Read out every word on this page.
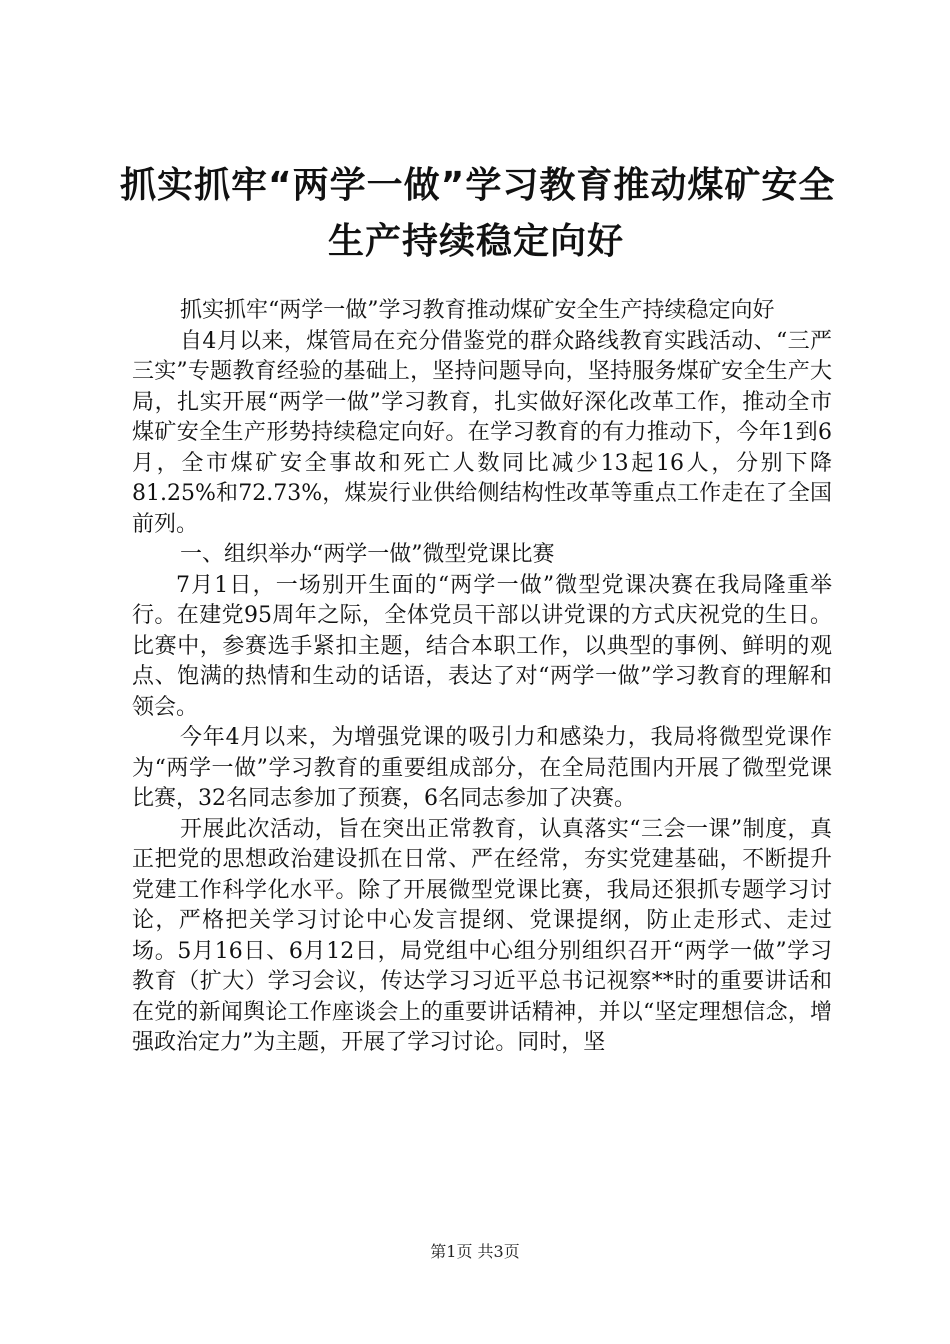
抓实抓牢“两学一做”学习教育推动煤矿安全
生产持续稳定向好

抓实抓牢“两学一做”学习教育推动煤矿安全生产持续稳定向好

自4月以来，煤管局在充分借鉴党的群众路线教育实践活动、“三严三实”专题教育经验的基础上，坚持问题导向，坚持服务煤矿安全生产大局，扎实开展“两学一做”学习教育，扎实做好深化改革工作，推动全市煤矿安全生产形势持续稳定向好。在学习教育的有力推动下，今年1到6月，全市煤矿安全事故和死亡人数同比减少13起16人，分别下降81.25%和72.73%，煤炭行业供给侧结构性改革等重点工作走在了全国前列。

一、组织举办“两学一做”微型党课比赛

7月1日，一场别开生面的“两学一做”微型党课决赛在我局隆重举行。在建党95周年之际，全体党员干部以讲党课的方式庆祝党的生日。比赛中，参赛选手紧扣主题，结合本职工作，以典型的事例、鲜明的观点、饱满的热情和生动的话语，表达了对“两学一做”学习教育的理解和领会。

今年4月以来，为增强党课的吸引力和感染力，我局将微型党课作为“两学一做”学习教育的重要组成部分，在全局范围内开展了微型党课比赛，32名同志参加了预赛，6名同志参加了决赛。

开展此次活动，旨在突出正常教育，认真落实“三会一课”制度，真正把党的思想政治建设抓在日常、严在经常，夯实党建基础，不断提升党建工作科学化水平。除了开展微型党课比赛，我局还狠抓专题学习讨论，严格把关学习讨论中心发言提纲、党课提纲，防止走形式、走过场。5月16日、6月12日，局党组中心组分别组织召开“两学一做”学习教育（扩大）学习会议，传达学习习近平总书记视察**时的重要讲话和在党的新闻舆论工作座谈会上的重要讲话精神，并以“坚定理想信念，增强政治定力”为主题，开展了学习讨论。同时，坚

第1页 共3页
